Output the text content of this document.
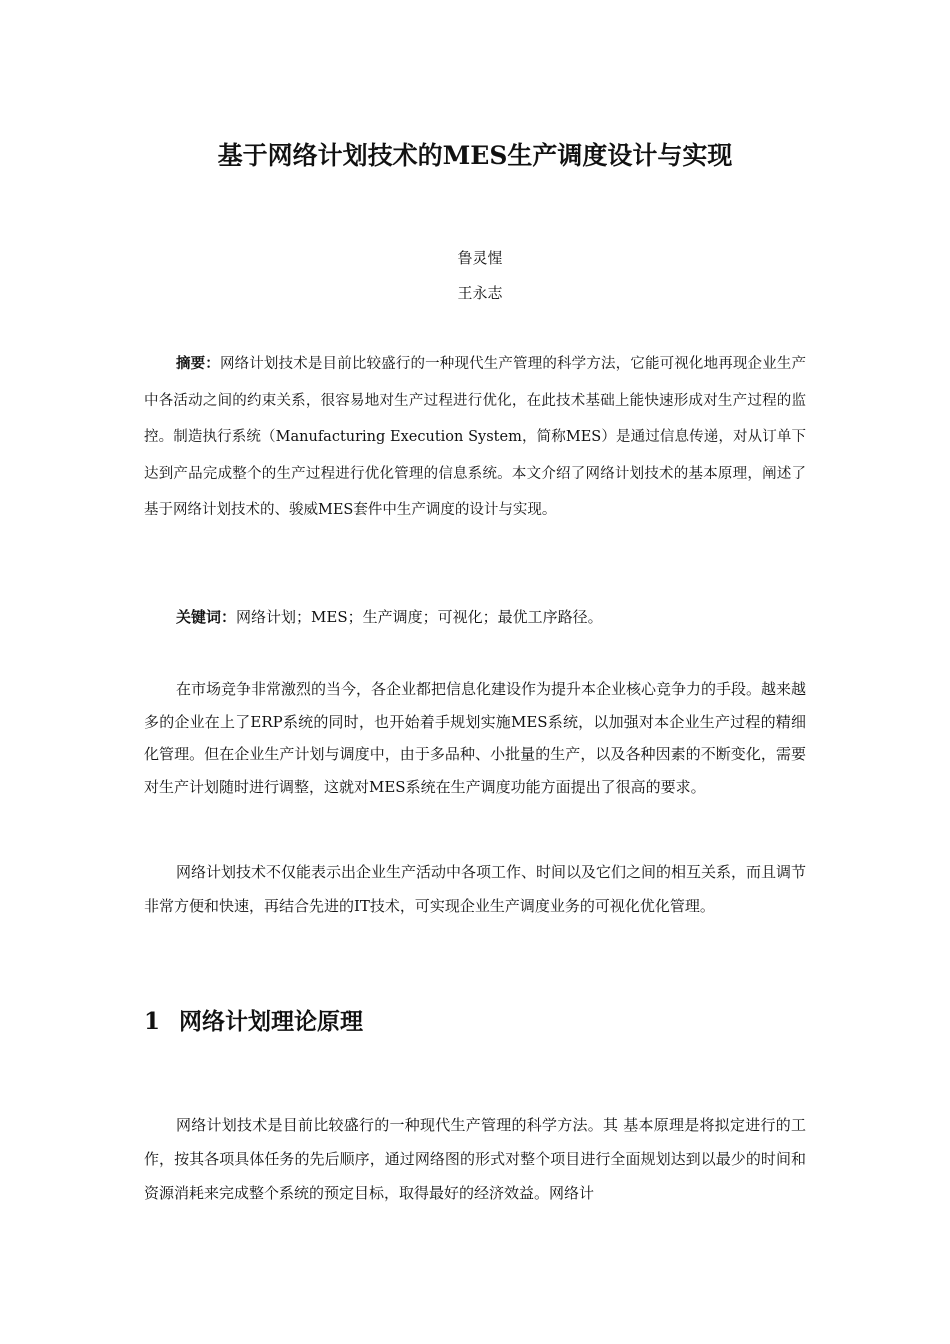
基于网络计划技术的MES生产调度设计与实现
鲁灵惺
王永志

摘要：网络计划技术是目前比较盛行的一种现代生产管理的科学方法，它能可视化地再现企业生产中各活动之间的约束关系，很容易地对生产过程进行优化，在此技术基础上能快速形成对生产过程的监控。制造执行系统（Manufacturing Execution System，简称MES）是通过信息传递，对从订单下达到产品完成整个的生产过程进行优化管理的信息系统。本文介绍了网络计划技术的基本原理，阐述了基于网络计划技术的、骏威MES套件中生产调度的设计与实现。

关键词：网络计划；MES；生产调度；可视化；最优工序路径。

在市场竞争非常激烈的当今，各企业都把信息化建设作为提升本企业核心竞争力的手段。越来越多的企业在上了ERP系统的同时，也开始着手规划实施MES系统，以加强对本企业生产过程的精细化管理。但在企业生产计划与调度中，由于多品种、小批量的生产，以及各种因素的不断变化，需要对生产计划随时进行调整，这就对MES系统在生产调度功能方面提出了很高的要求。

网络计划技术不仅能表示出企业生产活动中各项工作、时间以及它们之间的相互关系，而且调节非常方便和快速，再结合先进的IT技术，可实现企业生产调度业务的可视化优化管理。

1 网络计划理论原理

网络计划技术是目前比较盛行的一种现代生产管理的科学方法。其 基本原理是将拟定进行的工作，按其各项具体任务的先后顺序，通过网络图的形式对整个项目进行全面规划达到以最少的时间和资源消耗来完成整个系统的预定目标，取得最好的经济效益。网络计
